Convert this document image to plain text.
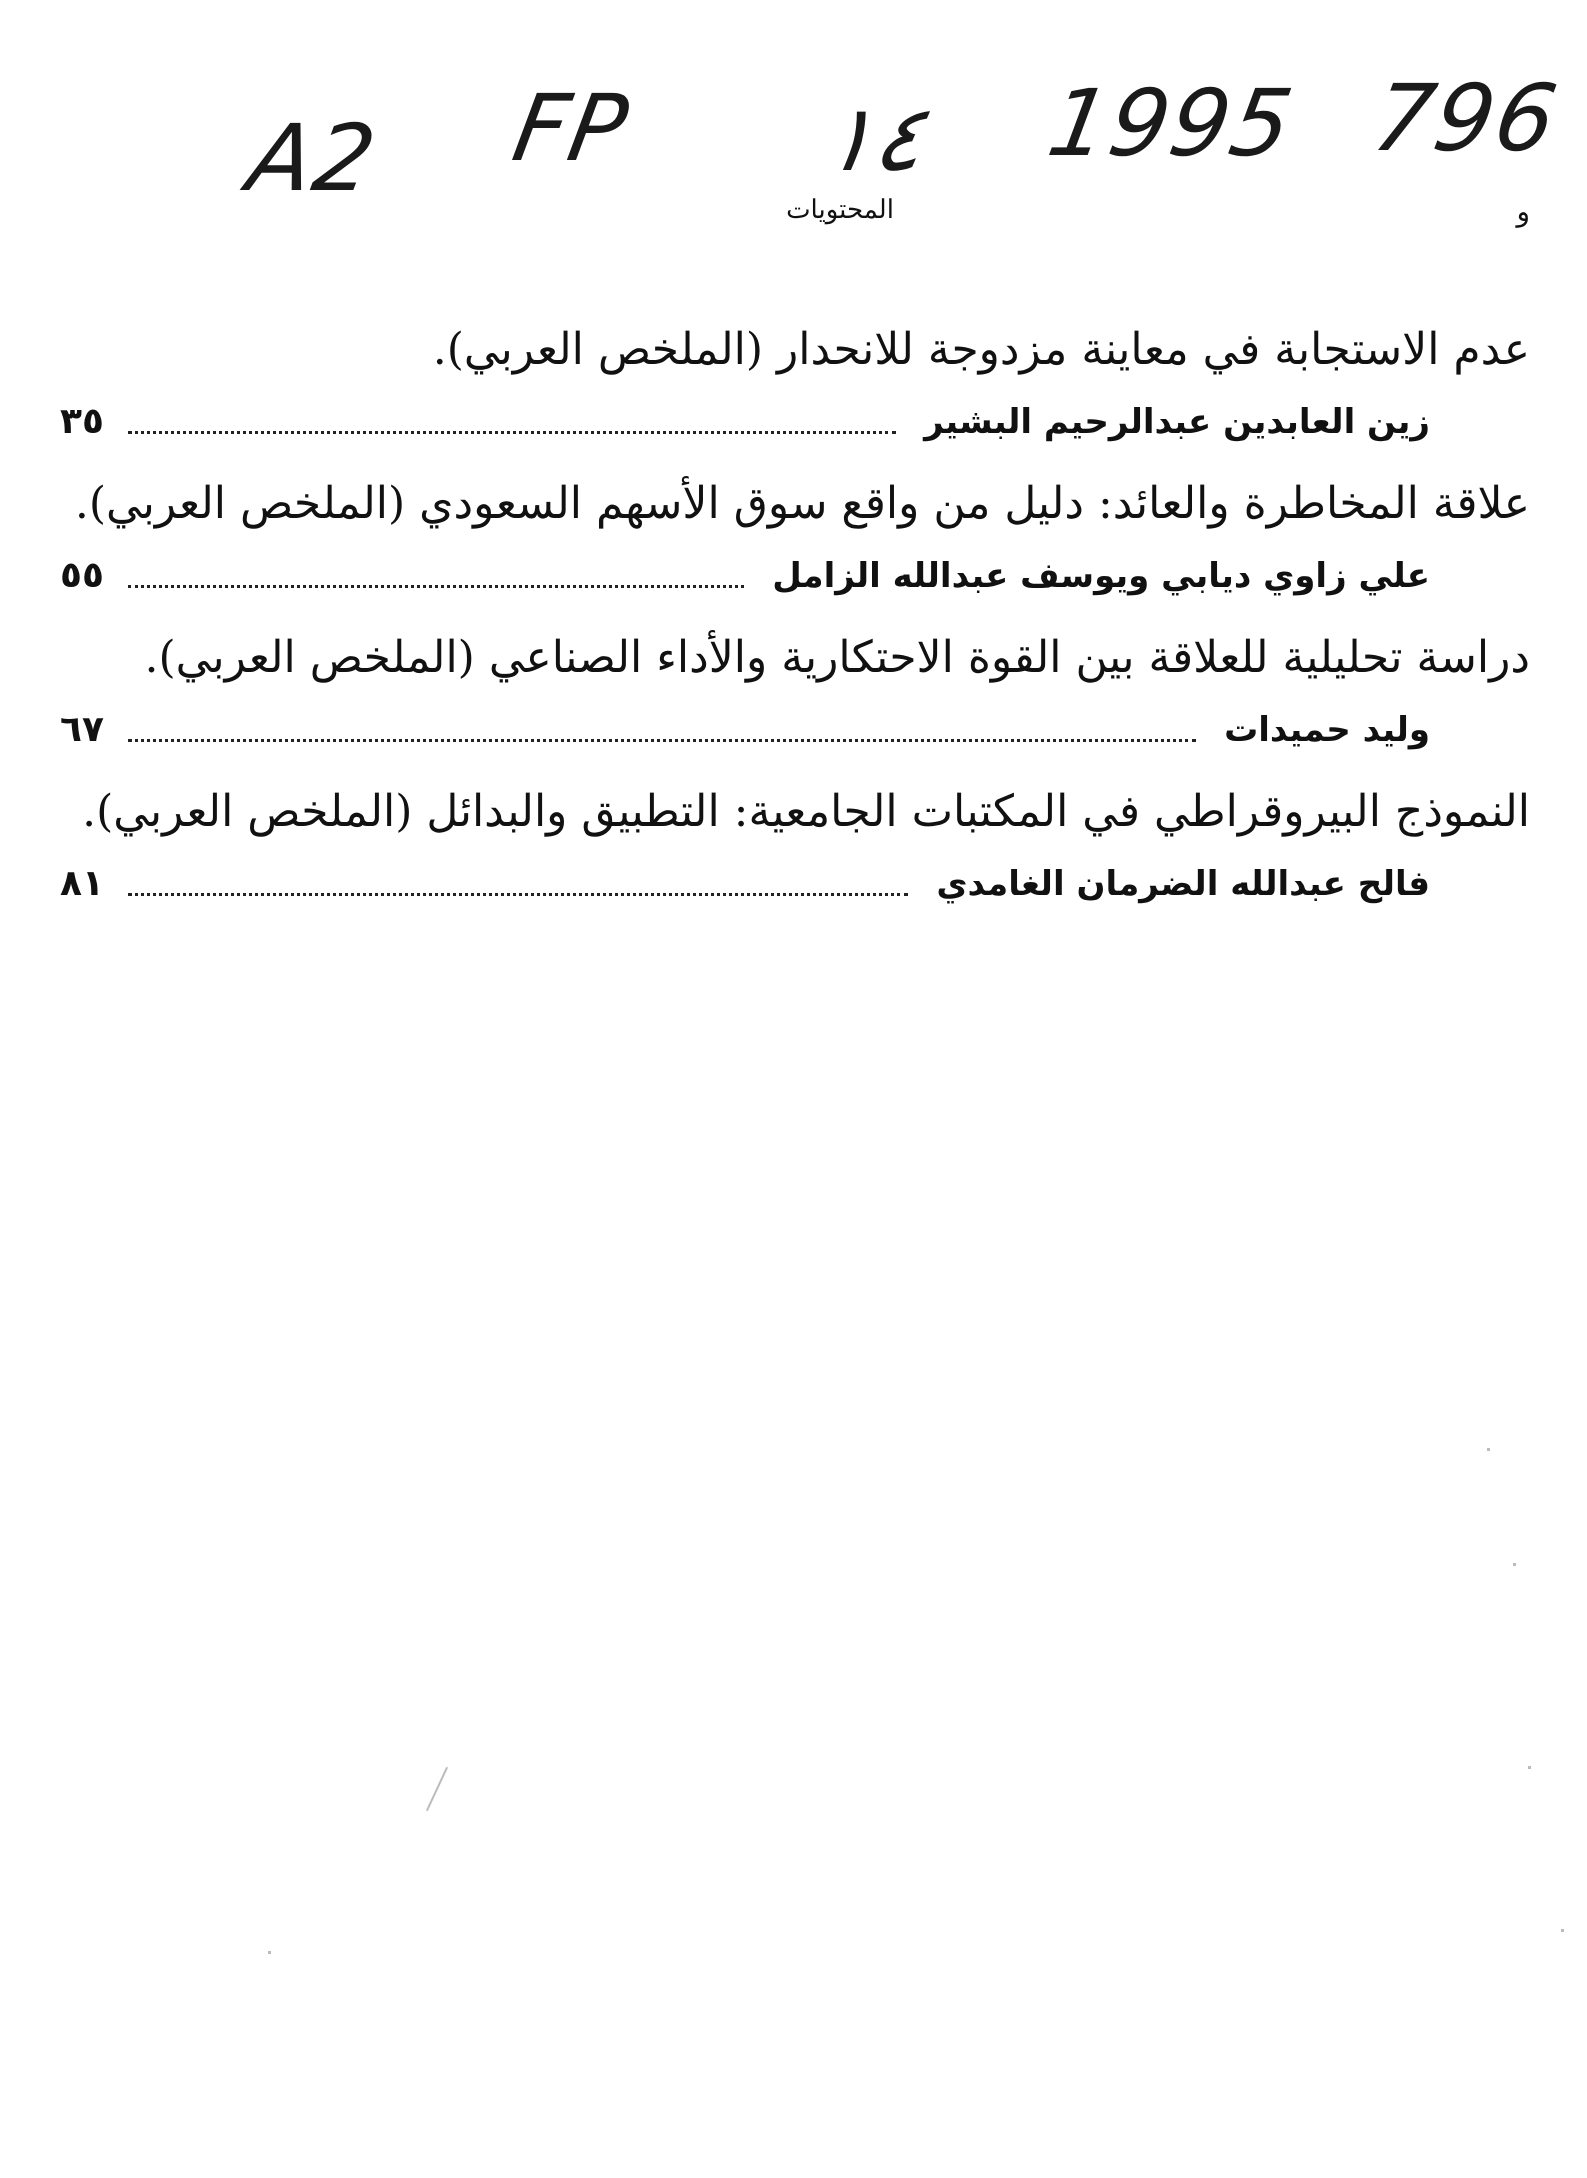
A2 FP ١٤ 1995 796
و
المحتويات

عدم الاستجابة في معاينة مزدوجة للانحدار (الملخص العربي).

زين العابدين عبدالرحيم البشير
٣٥

علاقة المخاطرة والعائد: دليل من واقع سوق الأسهم السعودي (الملخص العربي).

علي زاوي ديابي ويوسف عبدالله الزامل
٥٥

دراسة تحليلية للعلاقة بين القوة الاحتكارية والأداء الصناعي (الملخص العربي).

وليد حميدات
٦٧

النموذج البيروقراطي في المكتبات الجامعية: التطبيق والبدائل (الملخص العربي).

فالح عبدالله الضرمان الغامدي
٨١
